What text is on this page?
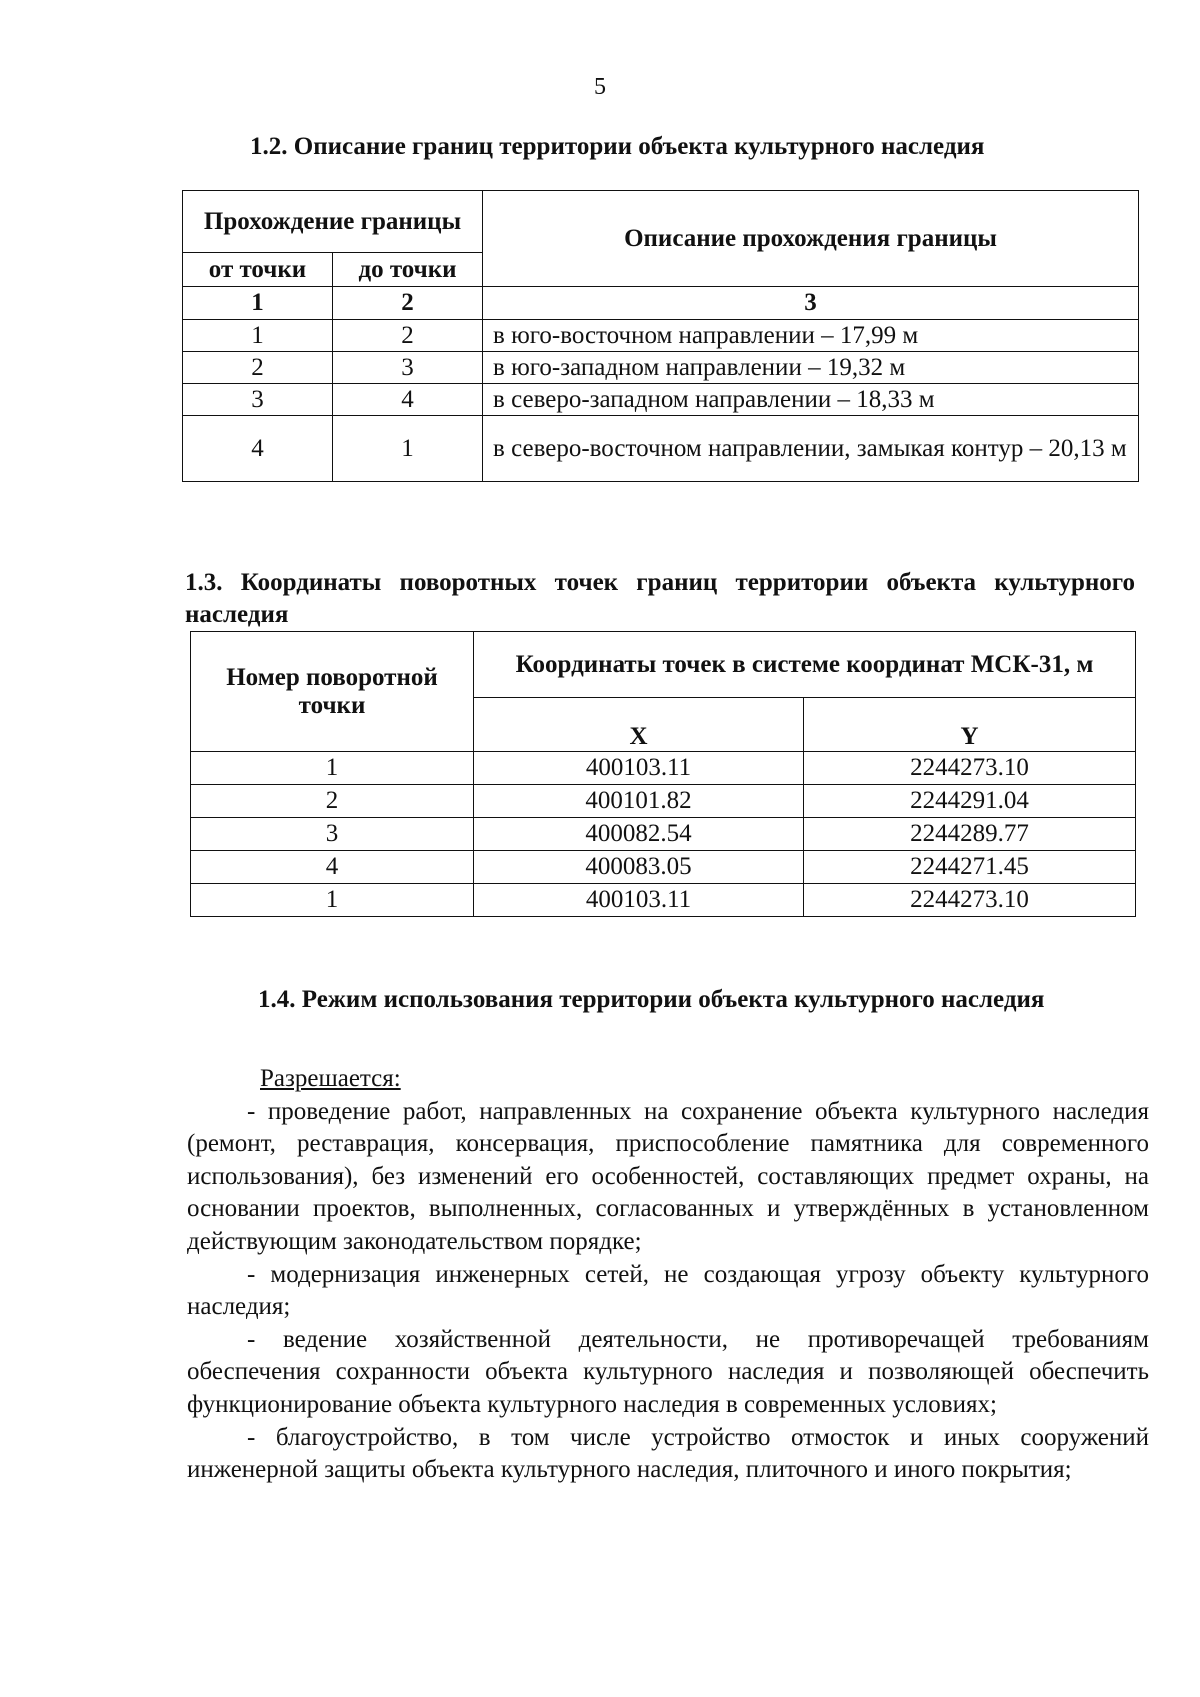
5
1.2. Описание границ территории объекта культурного наследия
Прохождение границы		Описание прохождения границы
от точки	до точки	
1	2	3
1	2	в юго-восточном направлении – 17,99 м
2	3	в юго-западном направлении – 19,32 м
3	4	в северо-западном направлении – 18,33 м
4	1	в северо-восточном направлении, замыкая контур – 20,13 м
1.3. Координаты поворотных точек границ территории объекта культурного наследия
Номер поворотной точки	Координаты точек в системе координат МСК-31, м	
	X	Y
1	400103.11	2244273.10
2	400101.82	2244291.04
3	400082.54	2244289.77
4	400083.05	2244271.45
1	400103.11	2244273.10
1.4. Режим использования территории объекта культурного наследия

Разрешается:

- проведение работ, направленных на сохранение объекта культурного наследия (ремонт, реставрация, консервация, приспособление памятника для современного использования), без изменений его особенностей, составляющих предмет охраны, на основании проектов, выполненных, согласованных и утверждённых в установленном действующим законодательством порядке;

- модернизация инженерных сетей, не создающая угрозу объекту культурного наследия;

- ведение хозяйственной деятельности, не противоречащей требованиям обеспечения сохранности объекта культурного наследия и позволяющей обеспечить функционирование объекта культурного наследия в современных условиях;

- благоустройство, в том числе устройство отмосток и иных сооружений инженерной защиты объекта культурного наследия, плиточного и иного покрытия;
